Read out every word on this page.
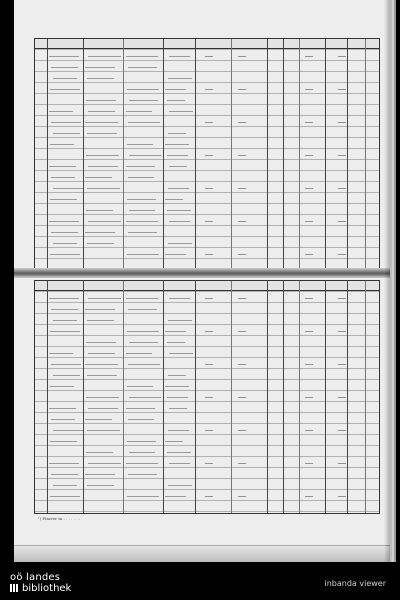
¹) Pfarrer in . . . . . . .
oö landes
bibliothek	inbanda viewer
